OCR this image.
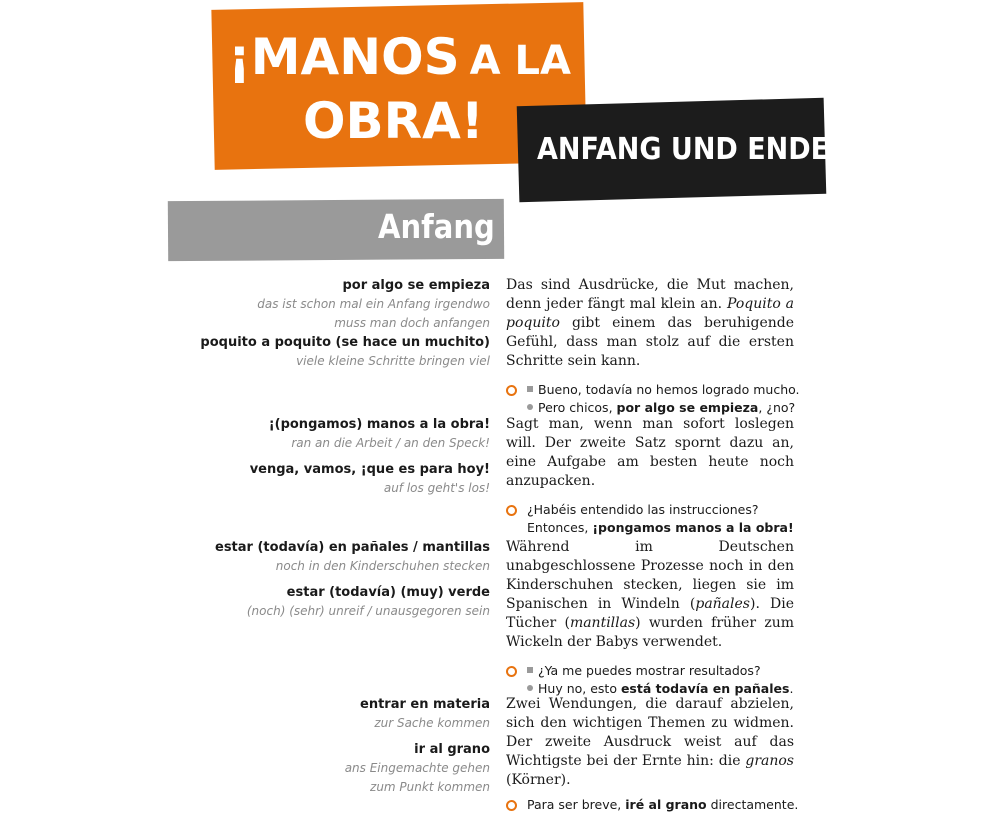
¡MANOS A LA
OBRA! ANFANG UND ENDE
Anfang
por algo se empieza
das ist schon mal ein Anfang irgendwo
muss man doch anfangen
poquito a poquito (se hace un muchito)
viele kleine Schritte bringen viel

Das sind Ausdrücke, die Mut machen, denn jeder fängt mal klein an. Poquito a poquito gibt einem das beruhigende Gefühl, dass man stolz auf die ersten Schritte sein kann.

Bueno, todavía no hemos logrado mucho.
Pero chicos, por algo se empieza, ¿no?
¡(pongamos) manos a la obra!
ran an die Arbeit / an den Speck!
venga, vamos, ¡que es para hoy!
auf los geht's los!

Sagt man, wenn man sofort loslegen will. Der zweite Satz spornt dazu an, eine Aufgabe am besten heute noch anzupacken.

¿Habéis entendido las instrucciones?
Entonces, ¡pongamos manos a la obra!
estar (todavía) en pañales / mantillas
noch in den Kinderschuhen stecken
estar (todavía) (muy) verde
(noch) (sehr) unreif / unausgegoren sein

Während im Deutschen unabgeschlossene Prozesse noch in den Kinderschuhen stecken, liegen sie im Spanischen in Windeln (pañales). Die Tücher (mantillas) wurden früher zum Wickeln der Babys verwendet.

¿Ya me puedes mostrar resultados?
Huy no, esto está todavía en pañales.
entrar en materia
zur Sache kommen
ir al grano
ans Eingemachte gehen
zum Punkt kommen

Zwei Wendungen, die darauf abzielen, sich den wichtigen Themen zu widmen. Der zweite Ausdruck weist auf das Wichtigste bei der Ernte hin: die granos (Körner).

Para ser breve, iré al grano directamente.
